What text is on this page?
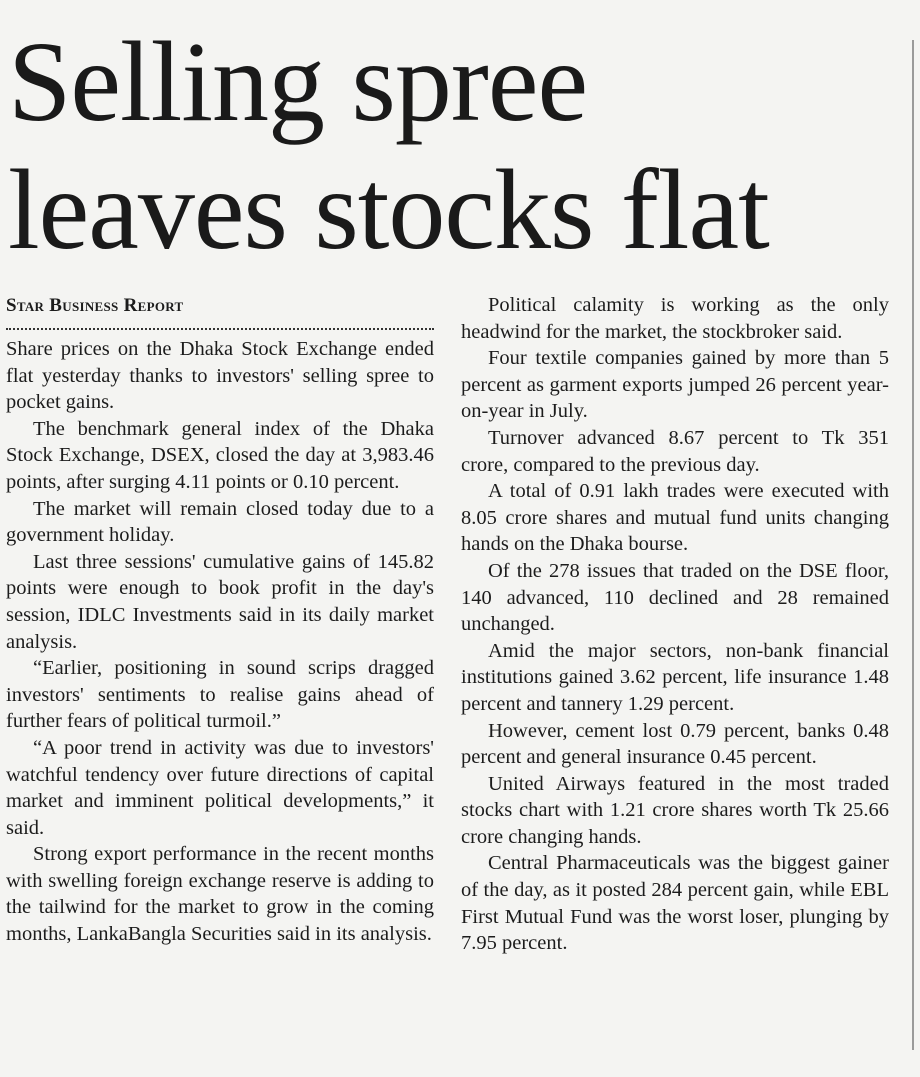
Selling spree
leaves stocks flat
Star Business Report

Share prices on the Dhaka Stock Exchange ended flat yesterday thanks to investors' selling spree to pocket gains.

The benchmark general index of the Dhaka Stock Exchange, DSEX, closed the day at 3,983.46 points, after surging 4.11 points or 0.10 percent.

The market will remain closed today due to a government holiday.

Last three sessions' cumulative gains of 145.82 points were enough to book profit in the day's session, IDLC Investments said in its daily market analysis.

“Earlier, positioning in sound scrips dragged investors' sentiments to realise gains ahead of further fears of political turmoil.”

“A poor trend in activity was due to investors' watchful tendency over future directions of capital market and imminent political developments,” it said.

Strong export performance in the recent months with swelling foreign exchange reserve is adding to the tailwind for the market to grow in the coming months, LankaBangla Securities said in its analysis.

Political calamity is working as the only headwind for the market, the stockbroker said.

Four textile companies gained by more than 5 percent as garment exports jumped 26 percent year-on-year in July.

Turnover advanced 8.67 percent to Tk 351 crore, compared to the previous day.

A total of 0.91 lakh trades were executed with 8.05 crore shares and mutual fund units changing hands on the Dhaka bourse.

Of the 278 issues that traded on the DSE floor, 140 advanced, 110 declined and 28 remained unchanged.

Amid the major sectors, non-bank financial institutions gained 3.62 percent, life insurance 1.48 percent and tannery 1.29 percent.

However, cement lost 0.79 percent, banks 0.48 percent and general insurance 0.45 percent.

United Airways featured in the most traded stocks chart with 1.21 crore shares worth Tk 25.66 crore changing hands.

Central Pharmaceuticals was the biggest gainer of the day, as it posted 284 percent gain, while EBL First Mutual Fund was the worst loser, plunging by 7.95 percent.
